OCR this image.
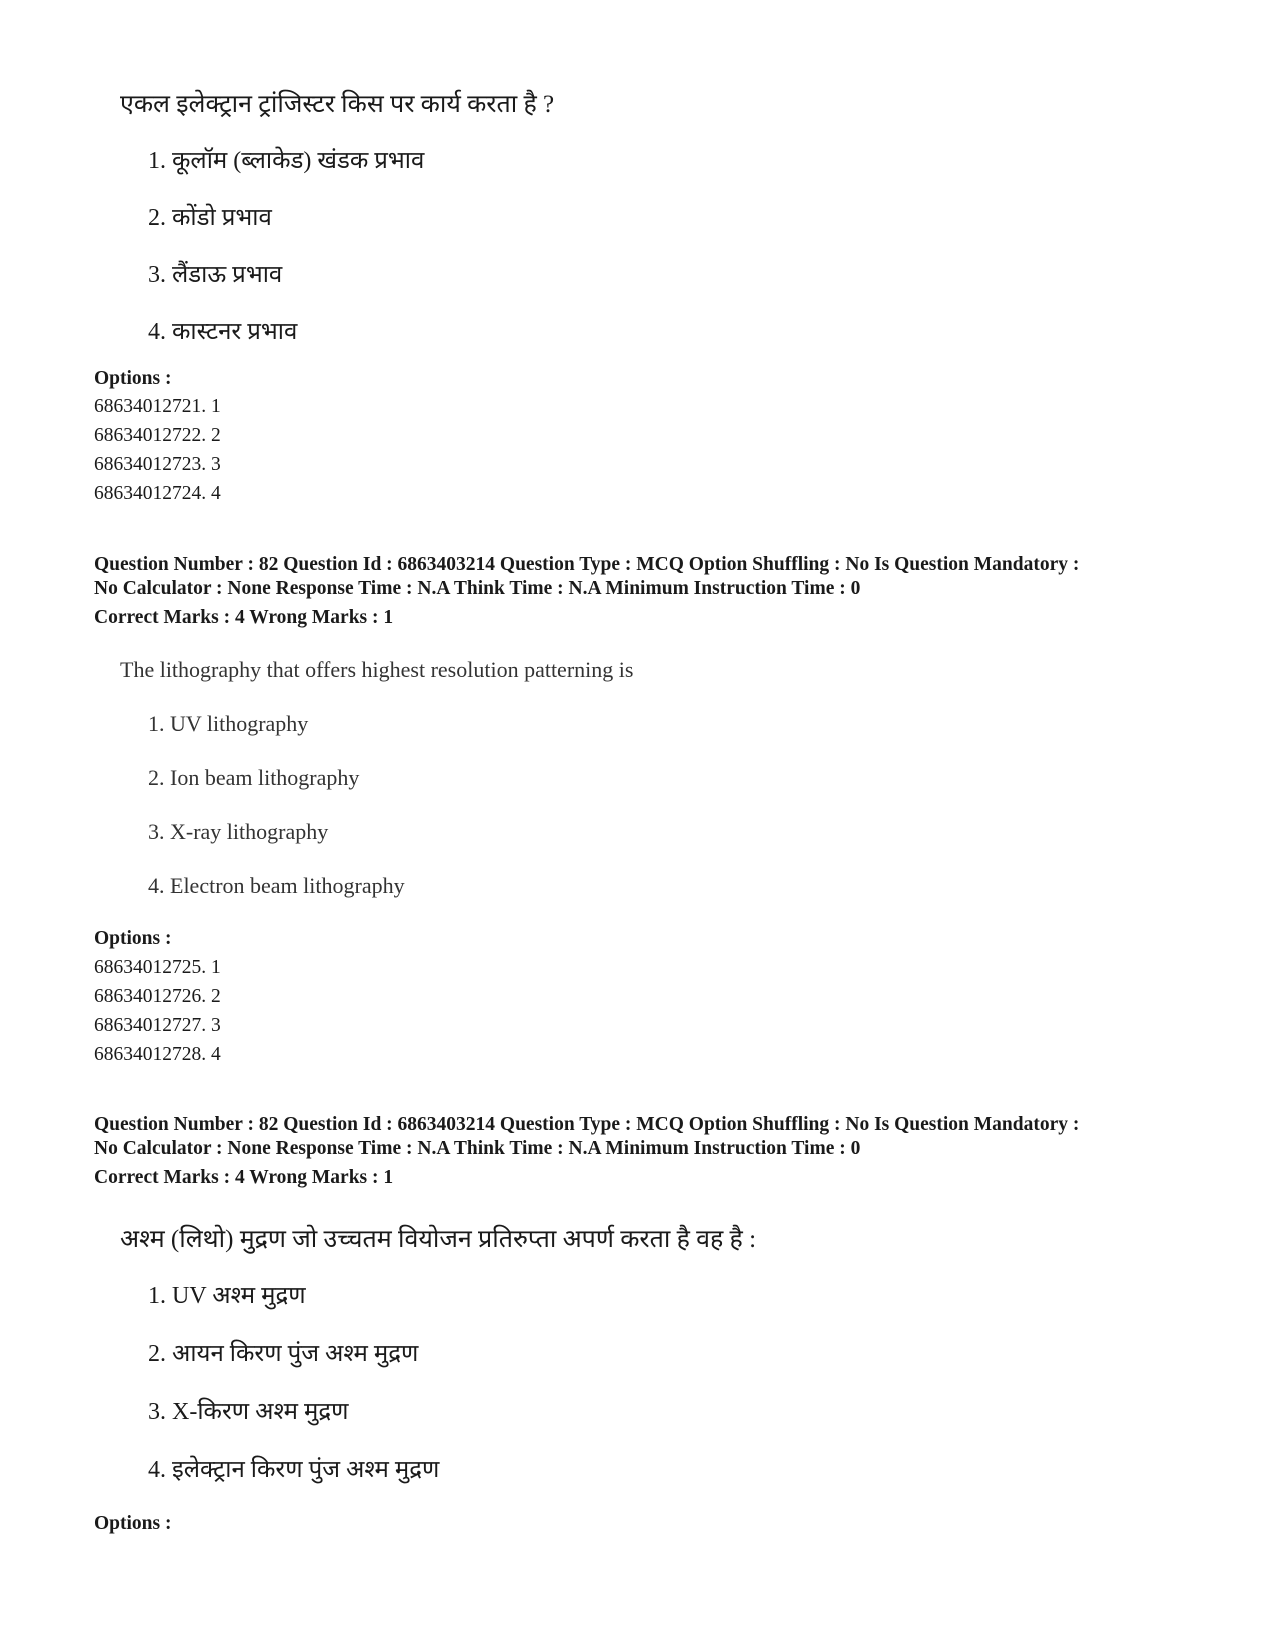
एकल इलेक्ट्रान ट्रांजिस्टर किस पर कार्य करता है ?
1. कूलॉम (ब्लाकेड) खंडक प्रभाव
2. कोंडो प्रभाव
3. लैंडाऊ प्रभाव
4. कास्टनर प्रभाव
Options :
68634012721. 1
68634012722. 2
68634012723. 3
68634012724. 4
Question Number : 82 Question Id : 6863403214 Question Type : MCQ Option Shuffling : No Is Question Mandatory :
No Calculator : None Response Time : N.A Think Time : N.A Minimum Instruction Time : 0
Correct Marks : 4 Wrong Marks : 1
The lithography that offers highest resolution patterning is
1. UV lithography
2. Ion beam lithography
3. X-ray lithography
4. Electron beam lithography
Options :
68634012725. 1
68634012726. 2
68634012727. 3
68634012728. 4
Question Number : 82 Question Id : 6863403214 Question Type : MCQ Option Shuffling : No Is Question Mandatory :
No Calculator : None Response Time : N.A Think Time : N.A Minimum Instruction Time : 0
Correct Marks : 4 Wrong Marks : 1
अश्म (लिथो) मुद्रण जो उच्चतम वियोजन प्रतिरुप्ता अपर्ण करता है वह है :
1. UV अश्म मुद्रण
2. आयन किरण पुंज अश्म मुद्रण
3. X-किरण अश्म मुद्रण
4. इलेक्ट्रान किरण पुंज अश्म मुद्रण
Options :
